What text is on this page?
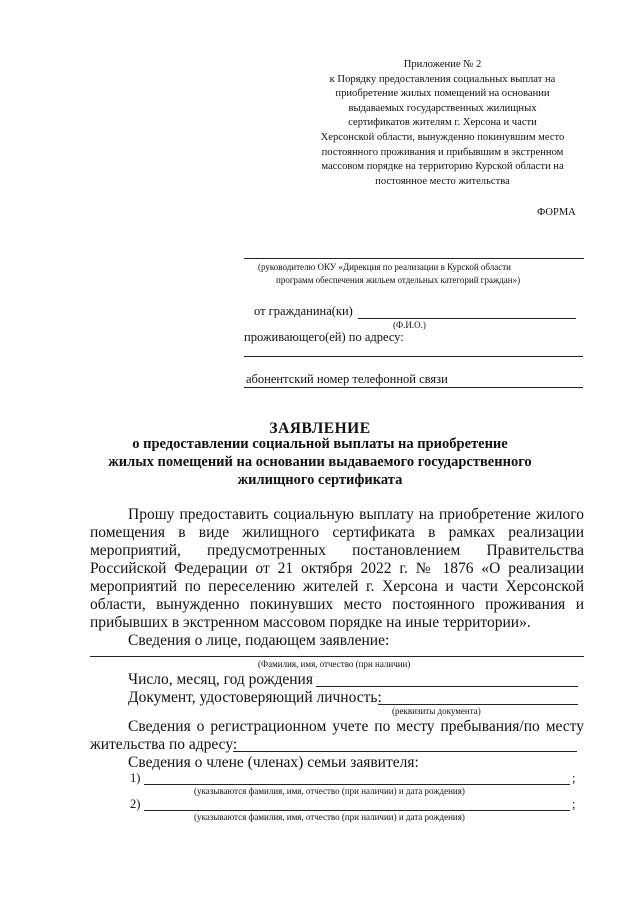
Приложение № 2
к Порядку предоставления социальных выплат на
приобретение жилых помещений на основании
выдаваемых государственных жилищных
сертификатов жителям г. Херсона и части
Херсонской области, вынужденно покинувшим место
постоянного проживания и прибывшим в экстренном
массовом порядке на территорию Курской области на
постоянное место жительства
ФОРМА
(руководителю ОКУ «Дирекция по реализации в Курской области
программ обеспечения жильем отдельных категорий граждан»)
от гражданина(ки)
(Ф.И.О.)
проживающего(ей) по адресу:
абонентский номер телефонной связи
ЗАЯВЛЕНИЕ
о предоставлении социальной выплаты на приобретение
жилых помещений на основании выдаваемого государственного
жилищного сертификата
Прошу предоставить социальную выплату на приобретение жилого
помещения в виде жилищного сертификата в рамках реализации
мероприятий, предусмотренных постановлением Правительства
Российской Федерации от 21 октября 2022 г. № 1876 «О реализации
мероприятий по переселению жителей г. Херсона и части Херсонской
области, вынужденно покинувших место постоянного проживания и
прибывших в экстренном массовом порядке на иные территории».
Сведения о лице, подающем заявление:
(Фамилия, имя, отчество (при наличии)
Число, месяц, год рождения
Документ, удостоверяющий личность:
(реквизиты документа)
Сведения о регистрационном учете по месту пребывания/по месту
жительства по адресу:
Сведения о члене (членах) семьи заявителя:
1)	;
(указываются фамилия, имя, отчество (при наличии) и дата рождения)
2)	;
(указываются фамилия, имя, отчество (при наличии) и дата рождения)
